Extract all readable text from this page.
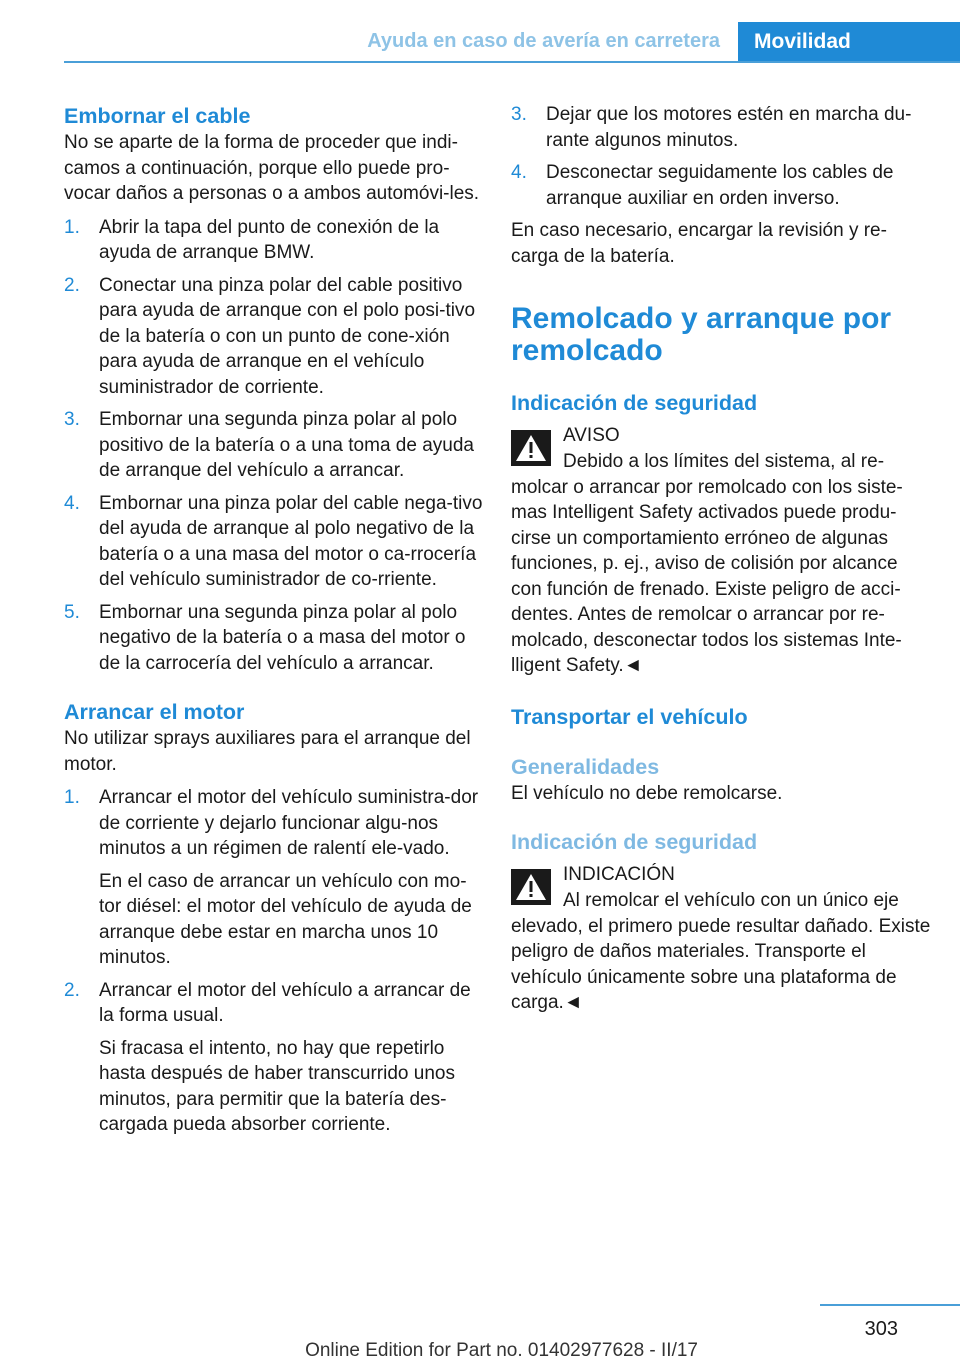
Ayuda en caso de avería en carretera	Movilidad
Embornar el cable

No se aparte de la forma de proceder que indi-camos a continuación, porque ello puede pro-vocar daños a personas o a ambos automóvi-les.

1. Abrir la tapa del punto de conexión de la ayuda de arranque BMW.
2. Conectar una pinza polar del cable positivo para ayuda de arranque con el polo posi-tivo de la batería o con un punto de cone-xión para ayuda de arranque en el vehículo suministrador de corriente.
3. Embornar una segunda pinza polar al polo positivo de la batería o a una toma de ayuda de arranque del vehículo a arrancar.
4. Embornar una pinza polar del cable nega-tivo del ayuda de arranque al polo negativo de la batería o a una masa del motor o ca-rrocería del vehículo suministrador de co-rriente.
5. Embornar una segunda pinza polar al polo negativo de la batería o a masa del motor o de la carrocería del vehículo a arrancar.
Arrancar el motor

No utilizar sprays auxiliares para el arranque del motor.

1. Arrancar el motor del vehículo suministra-dor de corriente y dejarlo funcionar algu-nos minutos a un régimen de ralentí ele-vado.

En el caso de arrancar un vehículo con mo-tor diésel: el motor del vehículo de ayuda de arranque debe estar en marcha unos 10 minutos.

2. Arrancar el motor del vehículo a arrancar de la forma usual.

Si fracasa el intento, no hay que repetirlo hasta después de haber transcurrido unos minutos, para permitir que la batería des-cargada pueda absorber corriente.

3. Dejar que los motores estén en marcha du-rante algunos minutos.
4. Desconectar seguidamente los cables de arranque auxiliar en orden inverso.

En caso necesario, encargar la revisión y re-carga de la batería.

Remolcado y arranque por remolcado
Indicación de seguridad
AVISO

Debido a los límites del sistema, al re-molcar o arrancar por remolcado con los siste-mas Intelligent Safety activados puede produ-cirse un comportamiento erróneo de algunas funciones, p. ej., aviso de colisión por alcance con función de frenado. Existe peligro de acci-dentes. Antes de remolcar o arrancar por re-molcado, desconectar todos los sistemas Inte-lligent Safety.◄

Transportar el vehículo
Generalidades

El vehículo no debe remolcarse.

Indicación de seguridad
INDICACIÓN

Al remolcar el vehículo con un único eje elevado, el primero puede resultar dañado. Existe peligro de daños materiales. Transporte el vehículo únicamente sobre una plataforma de carga.◄

303
Online Edition for Part no. 01402977628 - II/17
